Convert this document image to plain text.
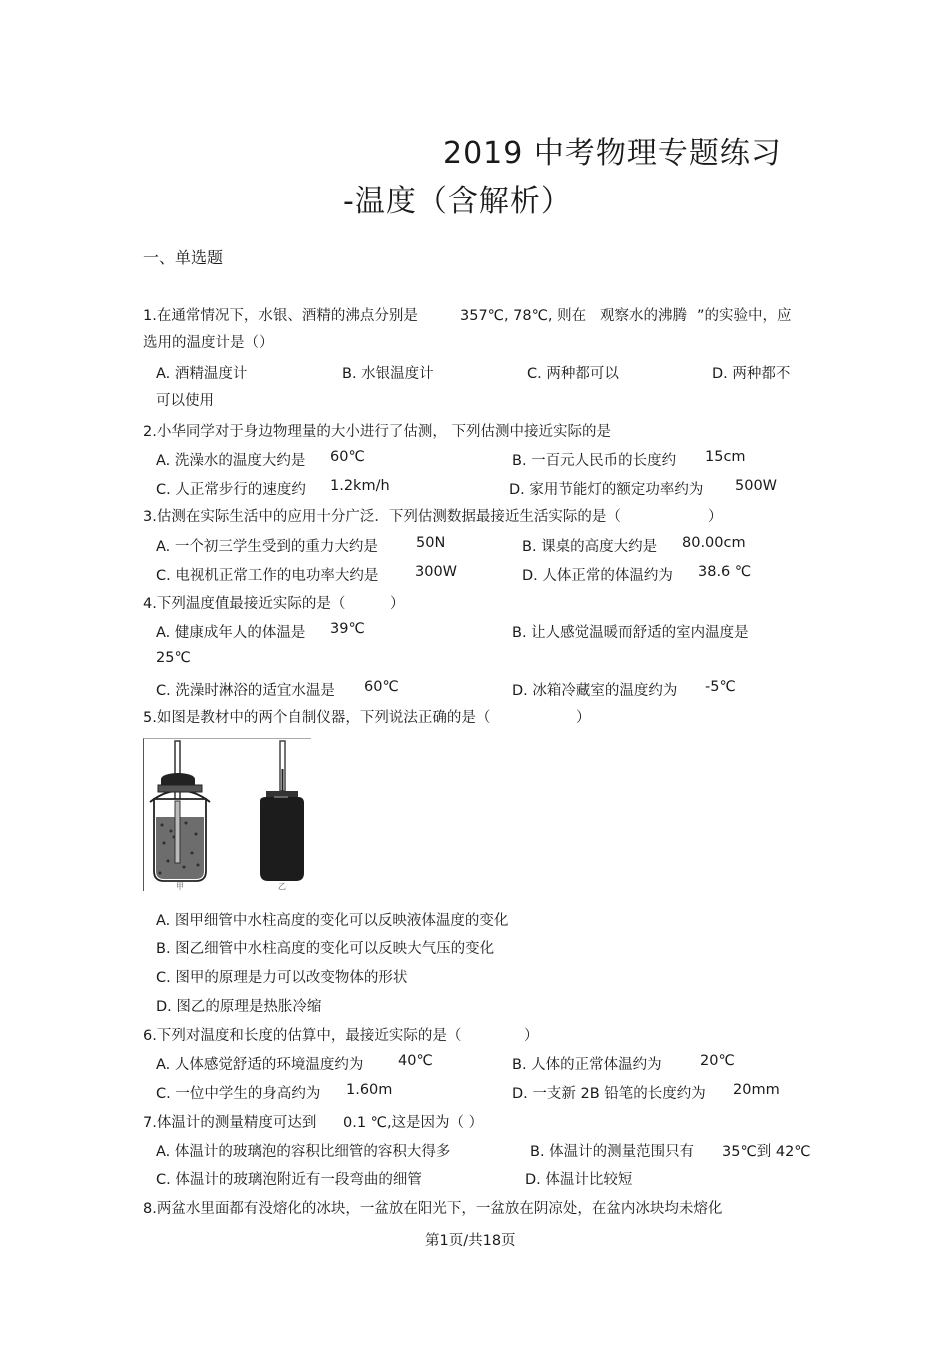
2019 中考物理专题练习
-温度（含解析）
一、单选题
1.在通常情况下，水银、酒精的沸点分别是	357℃, 78℃, 则在 观察水的沸腾 ”的实验中，应
选用的温度计是（）
A. 酒精温度计	B. 水银温度计	C. 两种都可以	D. 两种都不
可以使用
2.小华同学对于身边物理量的大小进行了估测， 下列估测中接近实际的是
A. 洗澡水的温度大约是 60℃	B. 一百元人民币的长度约 15cm
C. 人正常步行的速度约 1.2km/h	D. 家用节能灯的额定功率约为 500W
3.估测在实际生活中的应用十分广泛．下列估测数据最接近生活实际的是（	）
A. 一个初三学生受到的重力大约是	50N	B. 课桌的高度大约是 80.00cm
C. 电视机正常工作的电功率大约是	300W	D. 人体正常的体温约为 38.6 ℃
4.下列温度值最接近实际的是（	）
A. 健康成年人的体温是 39℃	B. 让人感觉温暖而舒适的室内温度是
25℃
C. 洗澡时淋浴的适宜水温是 60℃	D. 冰箱冷藏室的温度约为 -5℃
5.如图是教材中的两个自制仪器，下列说法正确的是（	）
甲	乙
A. 图甲细管中水柱高度的变化可以反映液体温度的变化
B. 图乙细管中水柱高度的变化可以反映大气压的变化
C. 图甲的原理是力可以改变物体的形状
D. 图乙的原理是热胀冷缩
6.下列对温度和长度的估算中，最接近实际的是（	）
A. 人体感觉舒适的环境温度约为 40℃	B. 人体的正常体温约为	20℃
C. 一位中学生的身高约为 1.60m	D. 一支新 2B 铅笔的长度约为 20mm
7.体温计的测量精度可达到 0.1 ℃,这是因为（ ）
A. 体温计的玻璃泡的容积比细管的容积大得多	B. 体温计的测量范围只有 35℃到 42℃
C. 体温计的玻璃泡附近有一段弯曲的细管	D. 体温计比较短
8.两盆水里面都有没熔化的冰块，一盆放在阳光下，一盆放在阴凉处，在盆内冰块均未熔化
第1页/共18页
